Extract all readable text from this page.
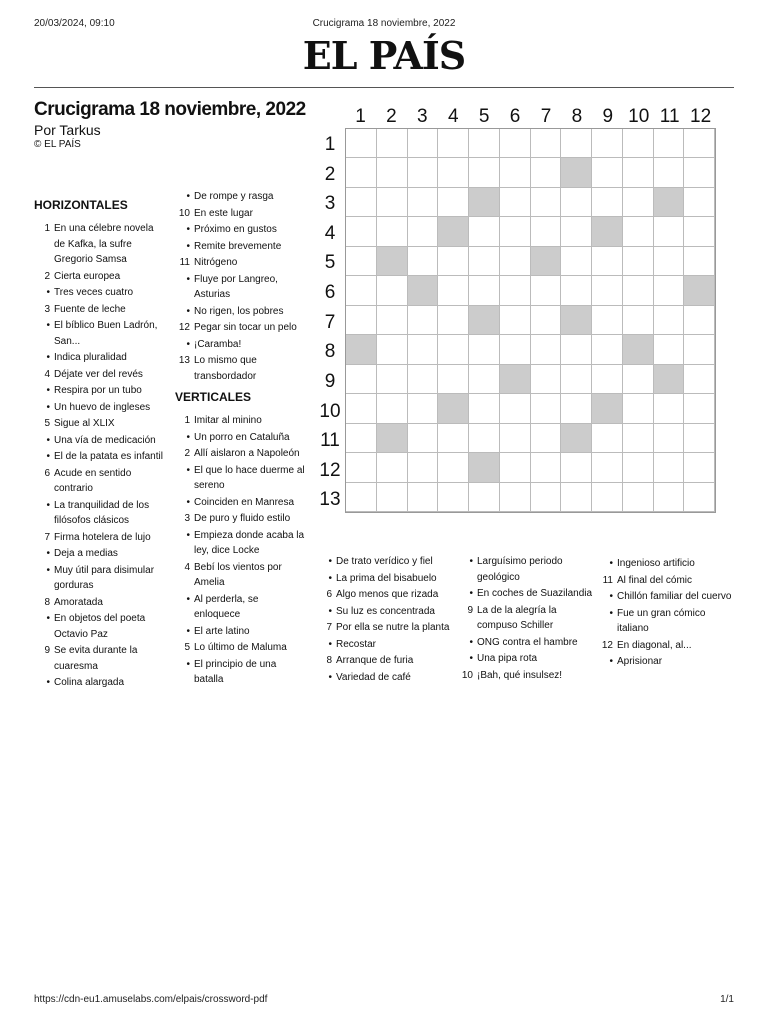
20/03/2024, 09:10	Crucigrama 18 noviembre, 2022
EL PAÍS
Crucigrama 18 noviembre, 2022
Por Tarkus
© EL PAÍS
HORIZONTALES
1 En una célebre novela de Kafka, la sufre Gregorio Samsa
2 Cierta europea
• Tres veces cuatro
3 Fuente de leche
• El bíblico Buen Ladrón, San...
• Indica pluralidad
4 Déjate ver del revés
• Respira por un tubo
• Un huevo de ingleses
5 Sigue al XLIX
• Una vía de medicación
• El de la patata es infantil
6 Acude en sentido contrario
• La tranquilidad de los filósofos clásicos
7 Firma hotelera de lujo
• Deja a medias
• Muy útil para disimular gorduras
8 Amoratada
• En objetos del poeta Octavio Paz
9 Se evita durante la cuaresma
• Colina alargada
• De rompe y rasga
10 En este lugar
• Próximo en gustos
• Remite brevemente
11 Nitrógeno
• Fluye por Langreo, Asturias
• No rigen, los pobres
12 Pegar sin tocar un pelo
• ¡Caramba!
13 Lo mismo que transbordador
VERTICALES
1 Imitar al minino
• Un porro en Cataluña
2 Allí aislaron a Napoleón
• El que lo hace duerme al sereno
• Coinciden en Manresa
3 De puro y fluido estilo
• Empieza donde acaba la ley, dice Locke
4 Bebí los vientos por Amelia
• Al perderla, se enloquece
• El arte latino
5 Lo último de Maluma
• El principio de una batalla
• De trato verídico y fiel
• La prima del bisabuelo
6 Algo menos que rizada
• Su luz es concentrada
7 Por ella se nutre la planta
• Recostar
8 Arranque de furia
• Variedad de café
• Larguísimo periodo geológico
• En coches de Suazilandia
9 La de la alegría la compuso Schiller
• ONG contra el hambre
• Una pipa rota
10 ¡Bah, qué insulsez!
• Ingenioso artificio
11 Al final del cómic
• Chillón familiar del cuervo
• Fue un gran cómico italiano
12 En diagonal, al...
• Aprisionar
1	2	3	4	5	6	7	8	9 10 11 12
1
2
3
4
5
6
7
8
9
10
11
12
13
https://cdn-eu1.amuselabs.com/elpais/crossword-pdf	1/1
